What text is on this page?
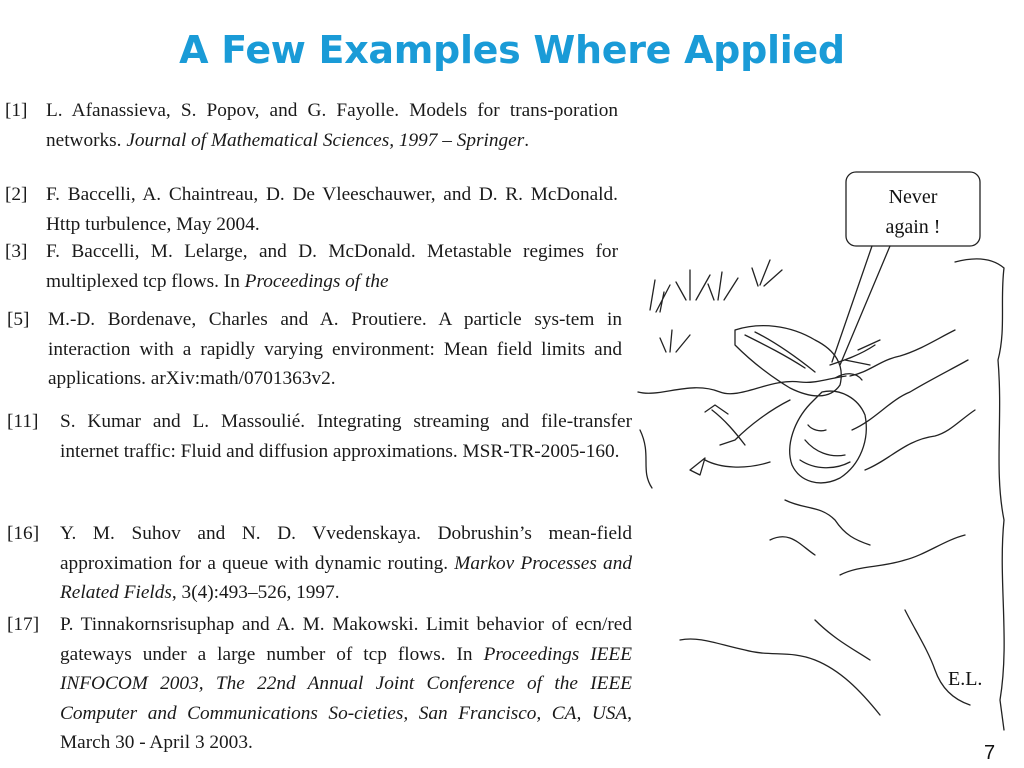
A Few Examples Where Applied
[1] L. Afanassieva, S. Popov, and G. Fayolle. Models for trans-poration networks. Journal of Mathematical Sciences, 1997 – Springer.
[2] F. Baccelli, A. Chaintreau, D. De Vleeschauwer, and D. R. McDonald. Http turbulence, May 2004.
[3] F. Baccelli, M. Lelarge, and D. McDonald. Metastable regimes for multiplexed tcp flows. In Proceedings of the
[5] M.-D. Bordenave, Charles and A. Proutiere. A particle sys-tem in interaction with a rapidly varying environment: Mean field limits and applications. arXiv:math/0701363v2.
[11] S. Kumar and L. Massoulié. Integrating streaming and file-transfer internet traffic: Fluid and diffusion approximations. MSR-TR-2005-160.
[16] Y. M. Suhov and N. D. Vvedenskaya. Dobrushin’s mean-field approximation for a queue with dynamic routing. Markov Processes and Related Fields, 3(4):493–526, 1997.
[17] P. Tinnakornsrisuphap and A. M. Makowski. Limit behavior of ecn/red gateways under a large number of tcp flows. In Proceedings IEEE INFOCOM 2003, The 22nd Annual Joint Conference of the IEEE Computer and Communications So-cieties, San Francisco, CA, USA, March 30 - April 3 2003.
Never
again !
E.L.
7
